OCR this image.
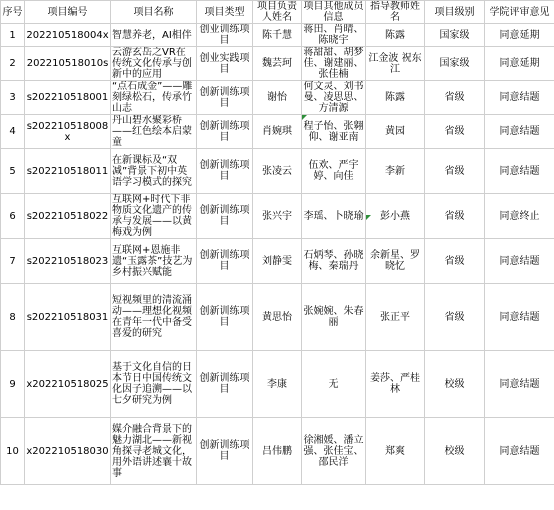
序号	项目编号	项目名称	项目类型	项目负责人姓名	项目其他成员信息	指导教师姓名	项目级别	学院评审意见
1	202210518004x	智慧养老，AI相伴	创业训练项目	陈千慧	蒋田、肖晴、陈晓宇	陈露	国家级	同意延期
2	202210518010s	云游玄岳之VR在传统文化传承与创新中的应用	创业实践项目	魏芸珂	蒋甜甜、胡梦佳、谢建丽、张佳楠	江金波 祝东江	国家级	同意延期
3	s202210518001	“点石成金”——雕刻绿松石，传承竹山志	创新训练项目	谢怡	何文灵、刘书曼、凌思思、方清源	陈露	省级	同意结题
4	s202210518008x	丹山碧水聚彩桥——红色绘本启蒙童	创新训练项目	肖婉琪	程子怡、张翱仰、谢亚南	黄园	省级	同意结题
5	s202210518011	在新课标及“双减”背景下初中英语学习模式的探究	创新训练项目	张凌云	伍欢、严宇婷、向佳	李新	省级	同意结题
6	s202210518022	互联网+时代下非物质文化遗产的传承与发展——以黄梅戏为例	创新训练项目	张兴宇	李瑶、卜晓瑜	彭小燕	省级	同意终止
7	s202210518023	互联网+恩施非遗“玉露茶”技艺为乡村振兴赋能	创新训练项目	刘静雯	石炳琴、孙晓梅、秦瑞丹	余新星、罗晓忆	省级	同意结题
8	s202210518031	短视频里的清流涌动——理想化视频在青年一代中备受喜爱的研究	创新训练项目	黄思怡	张婉婉、朱春丽	张正平	省级	同意结题
9	x202210518025	基于文化自信的日本节日中国传统文化因子追溯——以七夕研究为例	创新训练项目	李康	无	姜莎、严桂林	校级	同意结题
10	x202210518030	媒介融合背景下的魅力湖北——新视角探寻老城文化，用外语讲述襄十故事	创新训练项目	吕伟鹏	徐湘媛、潘立强、张佳宝、邵民洋	郑爽	校级	同意结题
